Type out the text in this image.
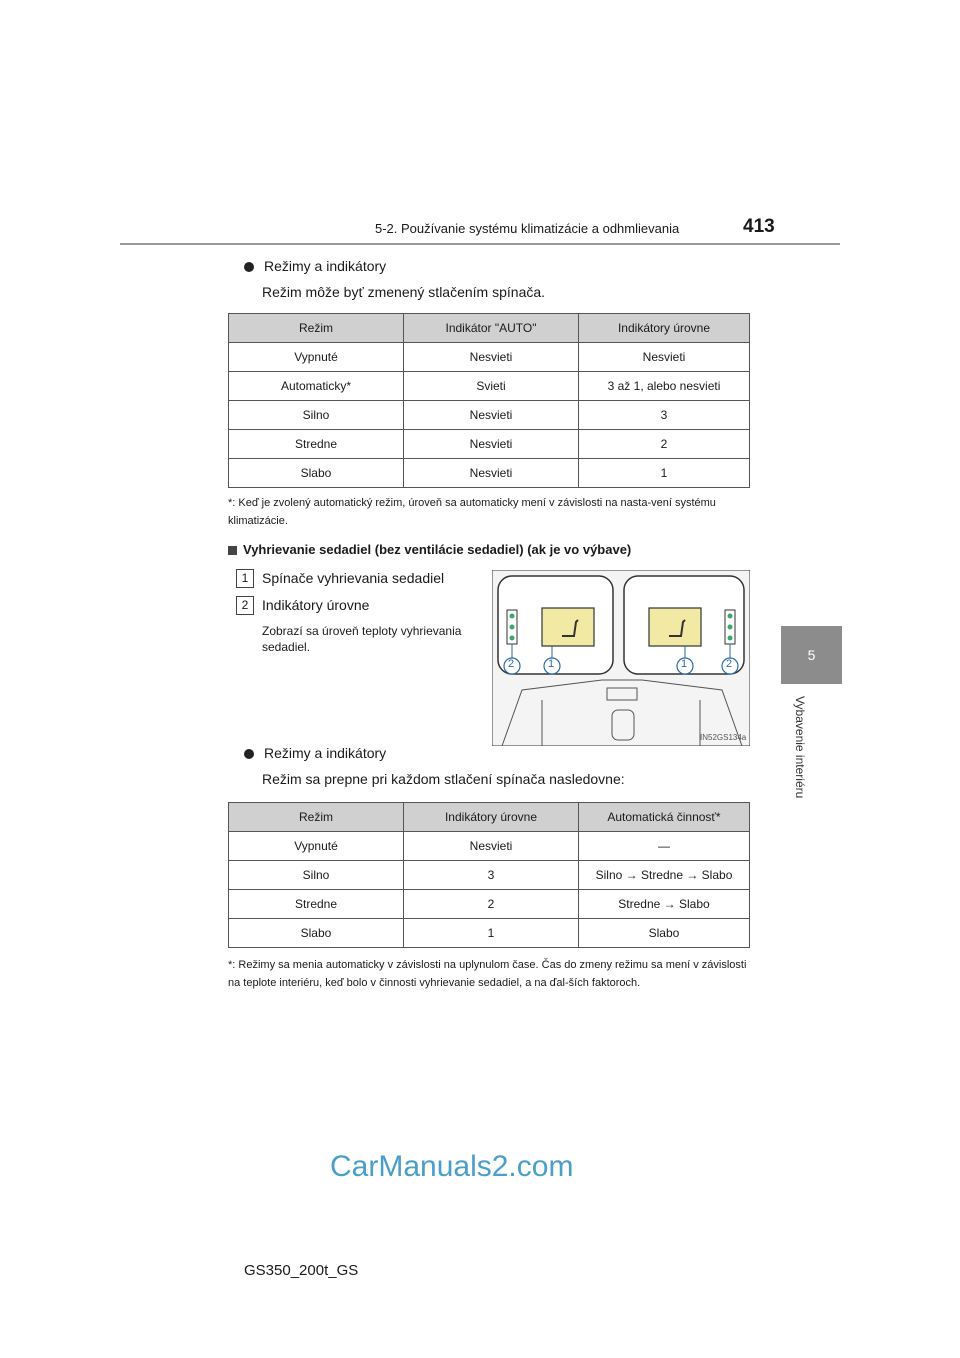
5-2. Používanie systému klimatizácie a odhmlievania	413
5
Vybavenie interiéru
Režimy a indikátory
Režim môže byť zmenený stlačením spínača.
Režim	Indikátor "AUTO"	Indikátory úrovne
Vypnuté	Nesvieti	Nesvieti
Automaticky*	Svieti	3 až 1, alebo nesvieti
Silno	Nesvieti	3
Stredne	Nesvieti	2
Slabo	Nesvieti	1
*: Keď je zvolený automatický režim, úroveň sa automaticky mení v závislosti na nasta-vení systému klimatizácie.
Vyhrievanie sedadiel (bez ventilácie sedadiel) (ak je vo výbave)
1 Spínače vyhrievania sedadiel
2 Indikátory úrovne
Zobrazí sa úroveň teploty vyhrievania sedadiel.
2	1	1	2
IN52GS134a
Režimy a indikátory
Režim sa prepne pri každom stlačení spínača nasledovne:
Režim	Indikátory úrovne	Automatická činnosť*
Vypnuté	Nesvieti	—
Silno	3	Silno → Stredne → Slabo
Stredne	2	Stredne → Slabo
Slabo	1	Slabo
*: Režimy sa menia automaticky v závislosti na uplynulom čase. Čas do zmeny režimu sa mení v závislosti na teplote interiéru, keď bolo v činnosti vyhrievanie sedadiel, a na ďal-ších faktoroch.
CarManuals2.com
GS350_200t_GS
